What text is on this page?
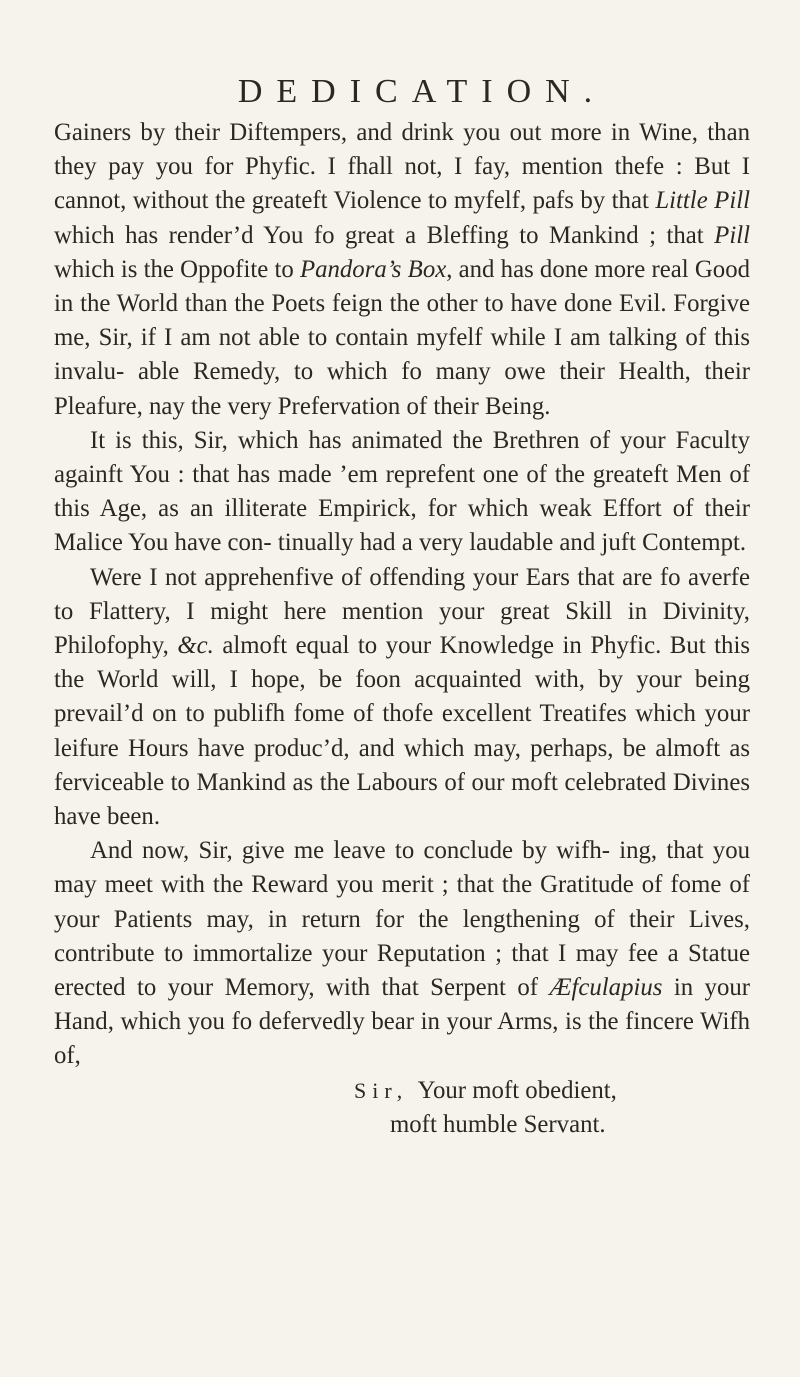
DEDICATION.

Gainers by their Diftempers, and drink you out more in Wine, than they pay you for Phyfic. I fhall not, I fay, mention thefe : But I cannot, without the greateft Violence to myfelf, pafs by that Little Pill which has render’d You fo great a Bleffing to Mankind ; that Pill which is the Oppofite to Pandora’s Box, and has done more real Good in the World than the Poets feign the other to have done Evil. Forgive me, Sir, if I am not able to contain myfelf while I am talking of this invalu- able Remedy, to which fo many owe their Health, their Pleafure, nay the very Prefervation of their Being.

It is this, Sir, which has animated the Brethren of your Faculty againft You : that has made ’em reprefent one of the greateft Men of this Age, as an illiterate Empirick, for which weak Effort of their Malice You have con- tinually had a very laudable and juft Contempt.

Were I not apprehenfive of offending your Ears that are fo averfe to Flattery, I might here mention your great Skill in Divinity, Philofophy, &c. almoft equal to your Knowledge in Phyfic. But this the World will, I hope, be foon acquainted with, by your being prevail’d on to publifh fome of thofe excellent Treatifes which your leifure Hours have produc’d, and which may, perhaps, be almoft as ferviceable to Mankind as the Labours of our moft celebrated Divines have been.

And now, Sir, give me leave to conclude by wifh- ing, that you may meet with the Reward you merit ; that the Gratitude of fome of your Patients may, in return for the lengthening of their Lives, contribute to immortalize your Reputation ; that I may fee a Statue erected to your Memory, with that Serpent of Æfculapius in your Hand, which you fo defervedly bear in your Arms, is the fincere Wifh of,

Sir, Your moft obedient,
moft humble Servant.
